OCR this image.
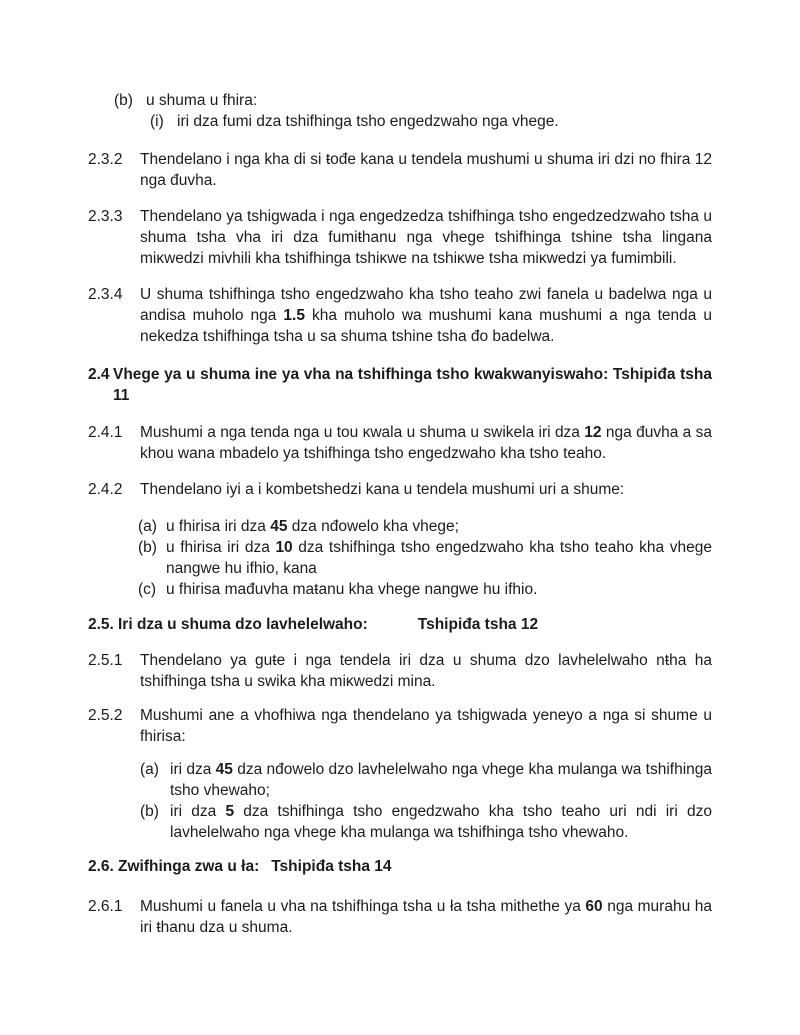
(b) u shuma u fhira:
(i) iri dza fumi dza tshifhinga tsho engedzwaho nga vhege.
2.3.2 Thendelano i nga kha di si ŧođe kana u tendela mushumi u shuma iri dzi no fhira 12 nga đuvha.
2.3.3 Thendelano ya tshigwada i nga engedzedza tshifhinga tsho engedzedzwaho tsha u shuma tsha vha iri dza fumiŧhanu nga vhege tshifhinga tshine tsha lingana miĸwedzi mivhili kha tshifhinga tshiĸwe na tshiĸwe tsha miĸwedzi ya fumimbili.
2.3.4 U shuma tshifhinga tsho engedzwaho kha tsho teaho zwi fanela u badelwa nga u andisa muholo nga 1.5 kha muholo wa mushumi kana mushumi a nga tenda u nekedza tshifhinga tsha u sa shuma tshine tsha đo badelwa.
2.4 Vhege ya u shuma ine ya vha na tshifhinga tsho kwakwanyiswaho: Tshipiđa tsha 11
2.4.1 Mushumi a nga tenda nga u tou ĸwala u shuma u swikela iri dza 12 nga đuvha a sa khou wana mbadelo ya tshifhinga tsho engedzwaho kha tsho teaho.
2.4.2 Thendelano iyi a i kombetshedzi kana u tendela mushumi uri a shume:
(a) u fhirisa iri dza 45 dza nđowelo kha vhege;
(b) u fhirisa iri dza 10 dza tshifhinga tsho engedzwaho kha tsho teaho kha vhege nangwe hu ifhio, kana
(c) u fhirisa mađuvha maŧanu kha vhege nangwe hu ifhio.
2.5. Iri dza u shuma dzo lavhelelwaho:	Tshipiđa tsha 12
2.5.1 Thendelano ya guŧe i nga tendela iri dza u shuma dzo lavhelelwaho nŧha ha tshifhinga tsha u swika kha miĸwedzi mina.
2.5.2 Mushumi ane a vhofhiwa nga thendelano ya tshigwada yeneyo a nga si shume u fhirisa:
(a) iri dza 45 dza nđowelo dzo lavhelelwaho nga vhege kha mulanga wa tshifhinga tsho vhewaho;
(b) iri dza 5 dza tshifhinga tsho engedzwaho kha tsho teaho uri ndi iri dzo lavhelelwaho nga vhege kha mulanga wa tshifhinga tsho vhewaho.
2.6. Zwifhinga zwa u ła: Tshipiđa tsha 14
2.6.1 Mushumi u fanela u vha na tshifhinga tsha u ła tsha mithethe ya 60 nga murahu ha iri ŧhanu dza u shuma.
